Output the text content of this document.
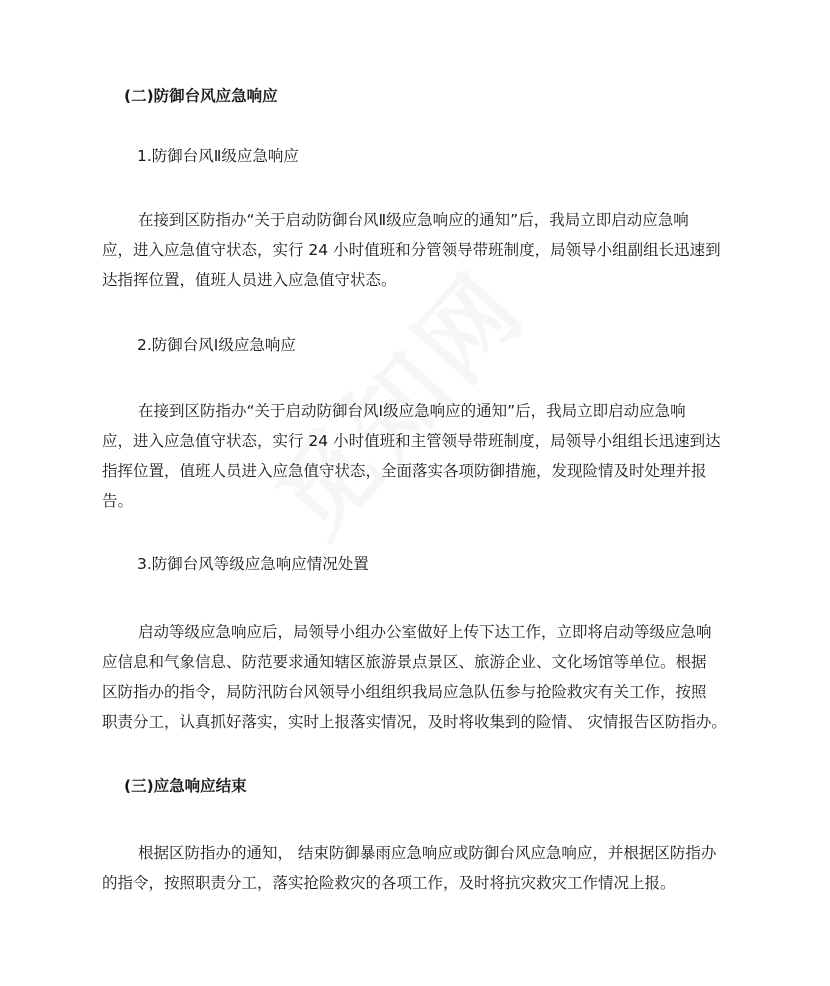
(二)防御台风应急响应
1.防御台风Ⅱ级应急响应
在接到区防指办“关于启动防御台风Ⅱ级应急响应的通知”后，我局立即启动应急响
应，进入应急值守状态，实行 24 小时值班和分管领导带班制度，局领导小组副组长迅速到
达指挥位置，值班人员进入应急值守状态。
2.防御台风Ⅰ级应急响应
在接到区防指办“关于启动防御台风Ⅰ级应急响应的通知”后，我局立即启动应急响
应，进入应急值守状态，实行 24 小时值班和主管领导带班制度，局领导小组组长迅速到达
指挥位置，值班人员进入应急值守状态，全面落实各项防御措施，发现险情及时处理并报
告。
3.防御台风等级应急响应情况处置
启动等级应急响应后，局领导小组办公室做好上传下达工作，立即将启动等级应急响
应信息和气象信息、防范要求通知辖区旅游景点景区、旅游企业、文化场馆等单位。根据
区防指办的指令，局防汛防台风领导小组组织我局应急队伍参与抢险救灾有关工作，按照
职责分工，认真抓好落实，实时上报落实情况，及时将收集到的险情、 灾情报告区防指办。
(三)应急响应结束
根据区防指办的通知， 结束防御暴雨应急响应或防御台风应急响应，并根据区防指办
的指令，按照职责分工，落实抢险救灾的各项工作，及时将抗灾救灾工作情况上报。
